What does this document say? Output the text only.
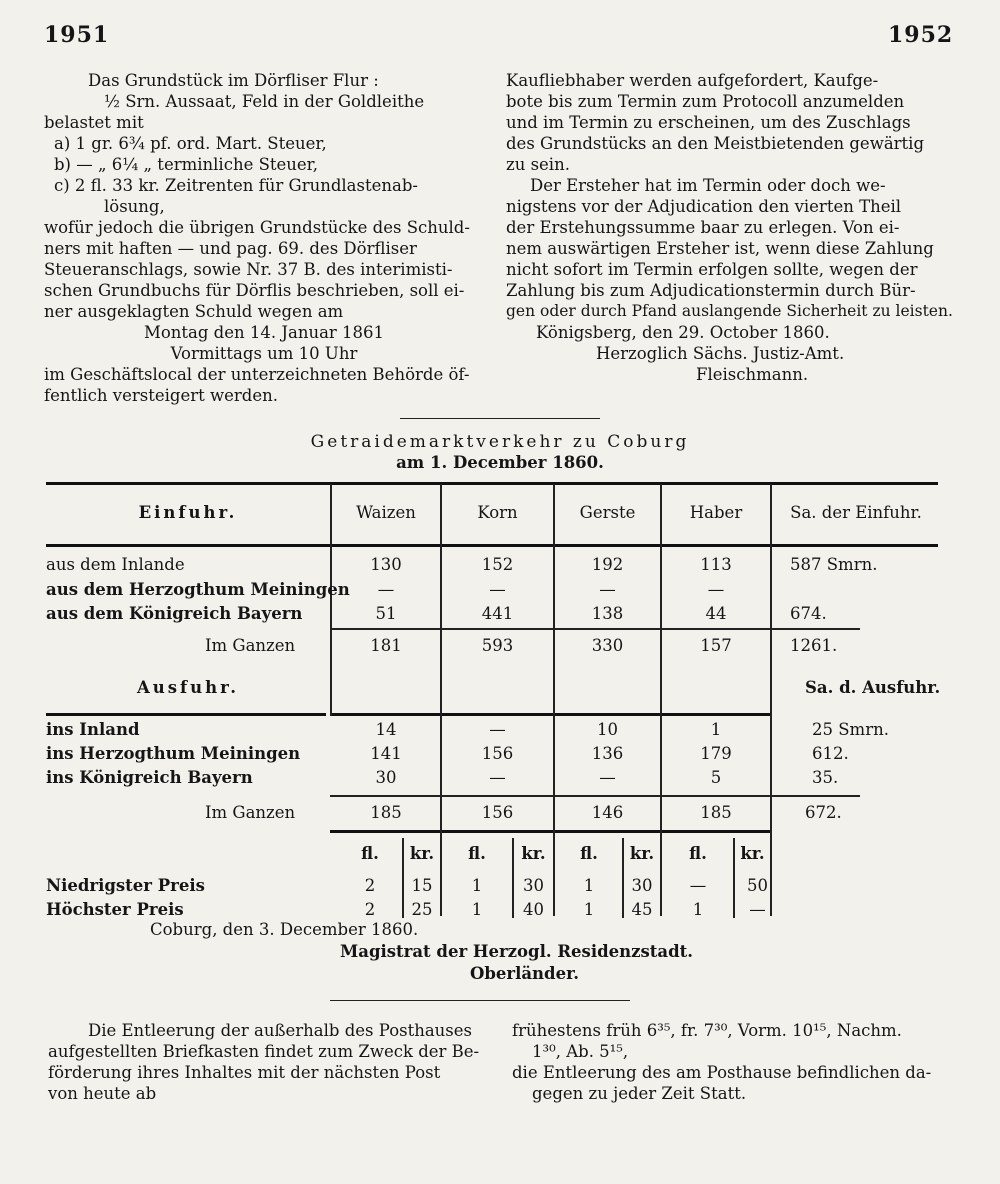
1951	1952

Das Grundstück im Dörfliser Flur :

½ Srn. Aussaat, Feld in der Goldleithe

belastet mit

a) 1 gr. 6¾ pf. ord. Mart. Steuer,

b) — „ 6¼ „ terminliche Steuer,

c) 2 fl. 33 kr. Zeitrenten für Grundlastenab-

lösung,

wofür jedoch die übrigen Grundstücke des Schuld-

ners mit haften — und pag. 69. des Dörfliser

Steueranschlags, sowie Nr. 37 B. des interimisti-

schen Grundbuchs für Dörflis beschrieben, soll ei-

ner ausgeklagten Schuld wegen am

Montag den 14. Januar 1861

Vormittags um 10 Uhr

im Geschäftslocal der unterzeichneten Behörde öf-

fentlich versteigert werden.

Kaufliebhaber werden aufgefordert, Kaufge-

bote bis zum Termin zum Protocoll anzumelden

und im Termin zu erscheinen, um des Zuschlags

des Grundstücks an den Meistbietenden gewärtig

zu sein.

Der Ersteher hat im Termin oder doch we-

nigstens vor der Adjudication den vierten Theil

der Erstehungssumme baar zu erlegen. Von ei-

nem auswärtigen Ersteher ist, wenn diese Zahlung

nicht sofort im Termin erfolgen sollte, wegen der

Zahlung bis zum Adjudicationstermin durch Bür-

gen oder durch Pfand auslangende Sicherheit zu leisten.

Königsberg, den 29. October 1860.

Herzoglich Sächs. Justiz-Amt.

Fleischmann.

Getraidemarktverkehr zu Coburg
am 1. December 1860.
Einfuhr.	Waizen	Korn	Gerste	Haber	Sa. der Einfuhr.
aus dem Inlande	130	152	192	113	587 Smrn.
aus dem Herzogthum Meiningen	—	—	—	—
aus dem Königreich Bayern	51	441	138	44	674.
Im Ganzen	181	593	330	157	1261.
Ausfuhr.	Sa. d. Ausfuhr.
ins Inland	14	—	10	1	25 Smrn.
ins Herzogthum Meiningen	141	156	136	179	612.
ins Königreich Bayern	30	—	—	5	35.
Im Ganzen	185	156	146	185	672.
fl.	kr.	fl.	kr.	fl.	kr.	fl.	kr.
Niedrigster Preis	2	15	1	30	1	30	—	50
Höchster Preis	2	25	1	40	1	45	1	—
Coburg, den 3. December 1860.
Magistrat der Herzogl. Residenzstadt.
Oberländer.

Die Entleerung der außerhalb des Posthauses

aufgestellten Briefkasten findet zum Zweck der Be-

förderung ihres Inhaltes mit der nächsten Post

von heute ab

frühestens früh 6³⁵, fr. 7³⁰, Vorm. 10¹⁵, Nachm.

1³⁰, Ab. 5¹⁵,

die Entleerung des am Posthause befindlichen da-

gegen zu jeder Zeit Statt.
